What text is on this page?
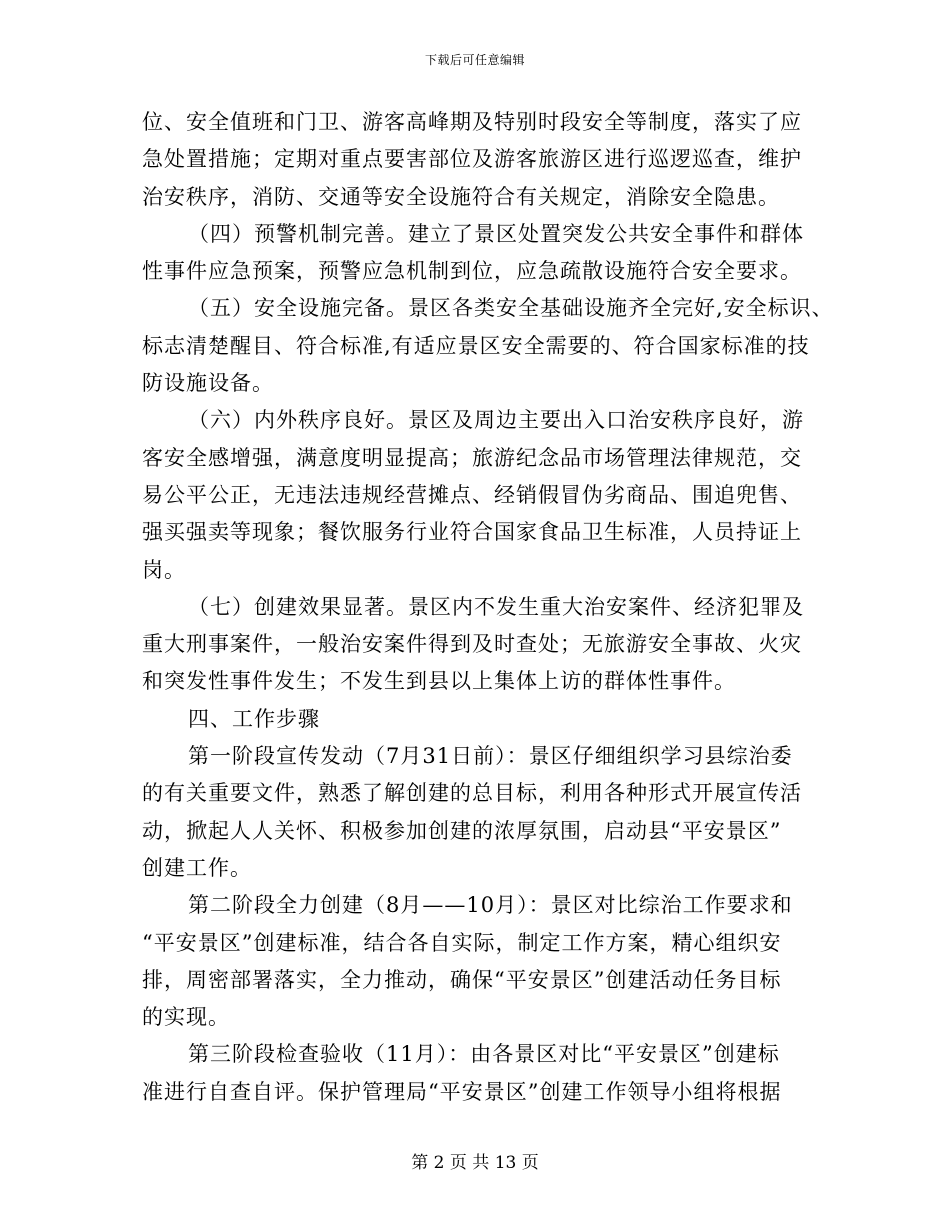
下载后可任意编辑
位、安全值班和门卫、游客高峰期及特别时段安全等制度，落实了应
急处置措施；定期对重点要害部位及游客旅游区进行巡逻巡查，维护
治安秩序，消防、交通等安全设施符合有关规定，消除安全隐患。
（四）预警机制完善。建立了景区处置突发公共安全事件和群体
性事件应急预案，预警应急机制到位，应急疏散设施符合安全要求。
（五）安全设施完备。景区各类安全基础设施齐全完好,安全标识、
标志清楚醒目、符合标准,有适应景区安全需要的、符合国家标准的技
防设施设备。
（六）内外秩序良好。景区及周边主要出入口治安秩序良好，游
客安全感增强，满意度明显提高；旅游纪念品市场管理法律规范，交
易公平公正，无违法违规经营摊点、经销假冒伪劣商品、围追兜售、
强买强卖等现象；餐饮服务行业符合国家食品卫生标准，人员持证上
岗。
（七）创建效果显著。景区内不发生重大治安案件、经济犯罪及
重大刑事案件，一般治安案件得到及时查处；无旅游安全事故、火灾
和突发性事件发生；不发生到县以上集体上访的群体性事件。
四、工作步骤
第一阶段宣传发动（7月31日前）：景区仔细组织学习县综治委
的有关重要文件，熟悉了解创建的总目标，利用各种形式开展宣传活
动，掀起人人关怀、积极参加创建的浓厚氛围，启动县“平安景区”
创建工作。
第二阶段全力创建（8月——10月）：景区对比综治工作要求和
“平安景区”创建标准，结合各自实际，制定工作方案，精心组织安
排，周密部署落实，全力推动，确保“平安景区”创建活动任务目标
的实现。
第三阶段检查验收（11月）：由各景区对比“平安景区”创建标
准进行自查自评。保护管理局“平安景区”创建工作领导小组将根据
第 2 页 共 13 页
